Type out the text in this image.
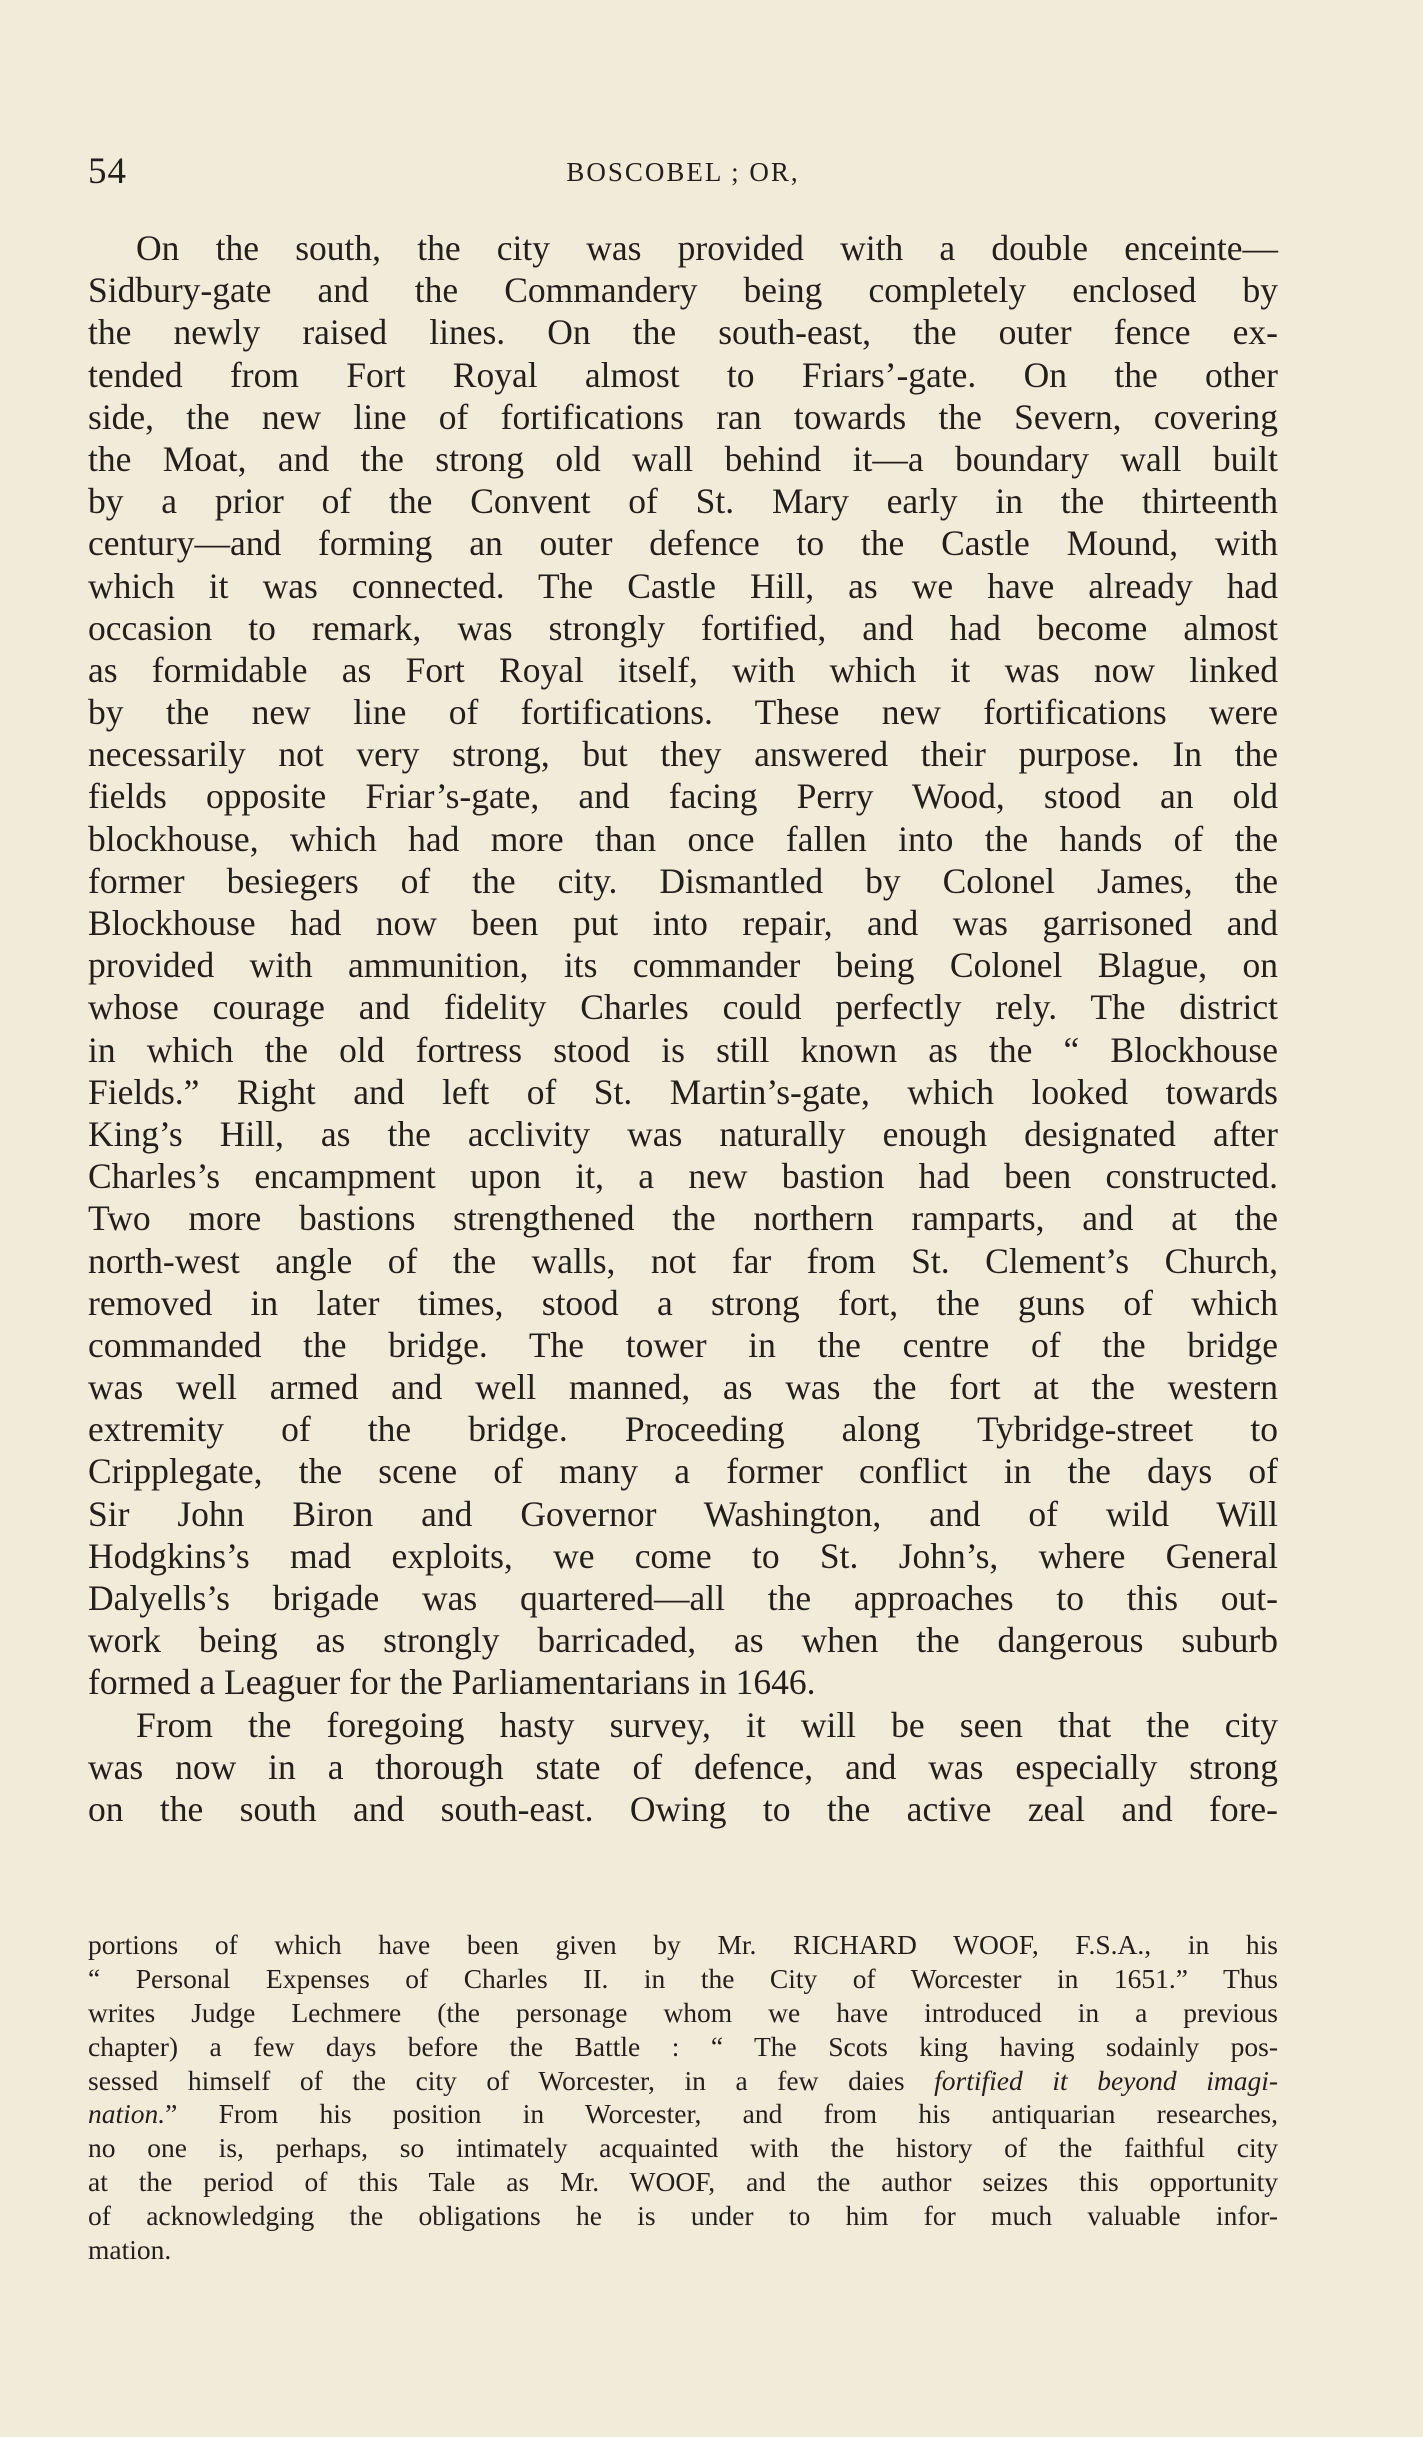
54	BOSCOBEL ; OR,
On the south, the city was provided with a double enceinte—
Sidbury-gate and the Commandery being completely enclosed by
the newly raised lines. On the south-east, the outer fence ex-
tended from Fort Royal almost to Friars’-gate. On the other
side, the new line of fortifications ran towards the Severn, covering
the Moat, and the strong old wall behind it—a boundary wall built
by a prior of the Convent of St. Mary early in the thirteenth
century—and forming an outer defence to the Castle Mound, with
which it was connected. The Castle Hill, as we have already had
occasion to remark, was strongly fortified, and had become almost
as formidable as Fort Royal itself, with which it was now linked
by the new line of fortifications. These new fortifications were
necessarily not very strong, but they answered their purpose. In the
fields opposite Friar’s-gate, and facing Perry Wood, stood an old
blockhouse, which had more than once fallen into the hands of the
former besiegers of the city. Dismantled by Colonel James, the
Blockhouse had now been put into repair, and was garrisoned and
provided with ammunition, its commander being Colonel Blague, on
whose courage and fidelity Charles could perfectly rely. The district
in which the old fortress stood is still known as the “ Blockhouse
Fields.” Right and left of St. Martin’s-gate, which looked towards
King’s Hill, as the acclivity was naturally enough designated after
Charles’s encampment upon it, a new bastion had been constructed.
Two more bastions strengthened the northern ramparts, and at the
north-west angle of the walls, not far from St. Clement’s Church,
removed in later times, stood a strong fort, the guns of which
commanded the bridge. The tower in the centre of the bridge
was well armed and well manned, as was the fort at the western
extremity of the bridge. Proceeding along Tybridge-street to
Cripplegate, the scene of many a former conflict in the days of
Sir John Biron and Governor Washington, and of wild Will
Hodgkins’s mad exploits, we come to St. John’s, where General
Dalyells’s brigade was quartered—all the approaches to this out-
work being as strongly barricaded, as when the dangerous suburb
formed a Leaguer for the Parliamentarians in 1646.
From the foregoing hasty survey, it will be seen that the city
was now in a thorough state of defence, and was especially strong
on the south and south-east. Owing to the active zeal and fore-
portions of which have been given by Mr. RICHARD WOOF, F.S.A., in his
“ Personal Expenses of Charles II. in the City of Worcester in 1651.” Thus
writes Judge Lechmere (the personage whom we have introduced in a previous
chapter) a few days before the Battle : “ The Scots king having sodainly pos-
sessed himself of the city of Worcester, in a few daies fortified it beyond imagi-
nation.” From his position in Worcester, and from his antiquarian researches,
no one is, perhaps, so intimately acquainted with the history of the faithful city
at the period of this Tale as Mr. WOOF, and the author seizes this opportunity
of acknowledging the obligations he is under to him for much valuable infor-
mation.
